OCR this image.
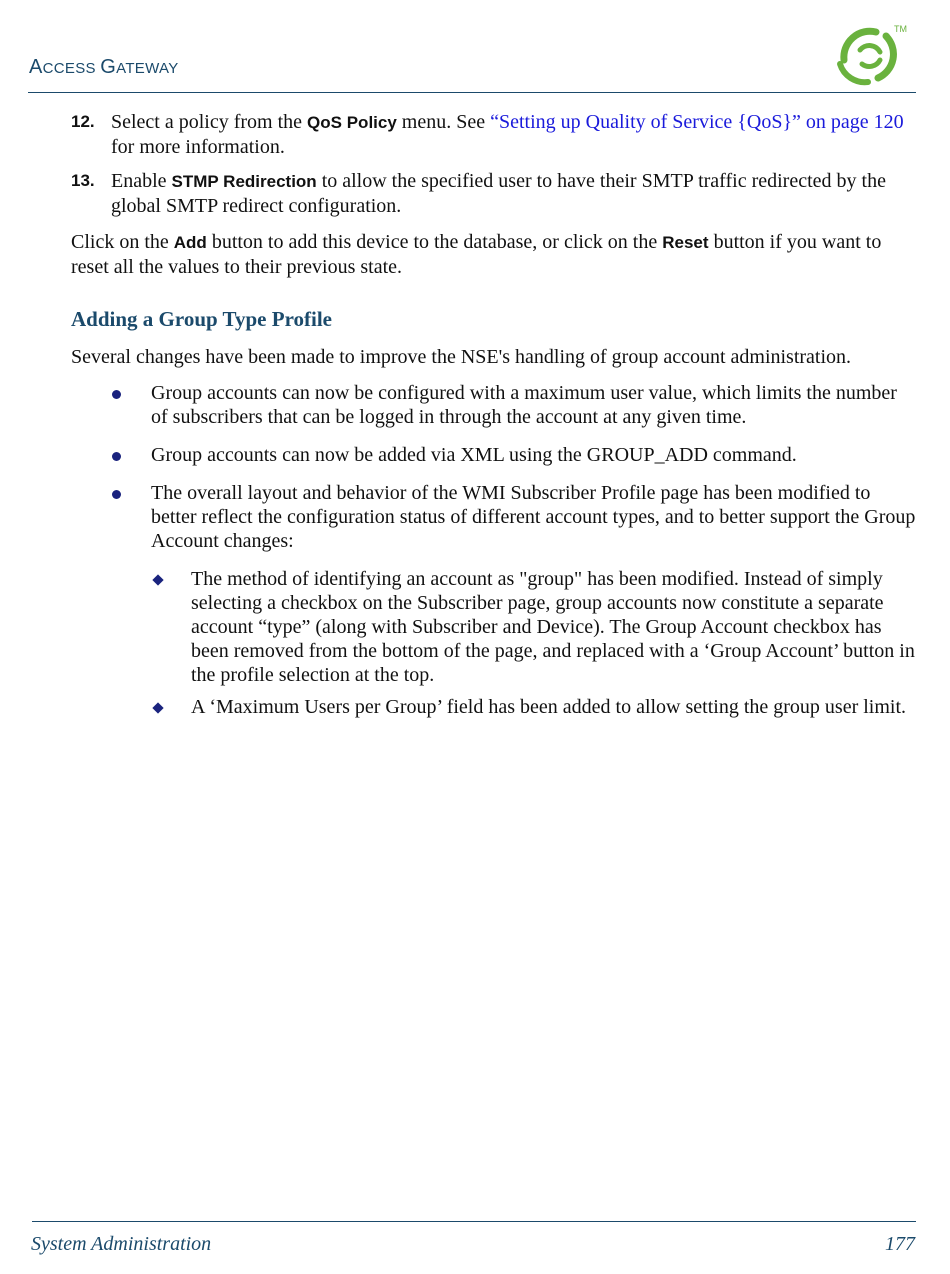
ACCESS GATEWAY
TM
12. Select a policy from the QoS Policy menu. See “Setting up Quality of Service {QoS}” on page 120 for more information.
13. Enable STMP Redirection to allow the specified user to have their SMTP traffic redirected by the global SMTP redirect configuration.

Click on the Add button to add this device to the database, or click on the Reset button if you want to reset all the values to their previous state.

Adding a Group Type Profile

Several changes have been made to improve the NSE's handling of group account administration.

Group accounts can now be configured with a maximum user value, which limits the number of subscribers that can be logged in through the account at any given time.
Group accounts can now be added via XML using the GROUP_ADD command.
The overall layout and behavior of the WMI Subscriber Profile page has been modified to better reflect the configuration status of different account types, and to better support the Group Account changes:
The method of identifying an account as "group" has been modified. Instead of simply selecting a checkbox on the Subscriber page, group accounts now constitute a separate account “type” (along with Subscriber and Device). The Group Account checkbox has been removed from the bottom of the page, and replaced with a ‘Group Account’ button in the profile selection at the top.
A ‘Maximum Users per Group’ field has been added to allow setting the group user limit.
System Administration	177
